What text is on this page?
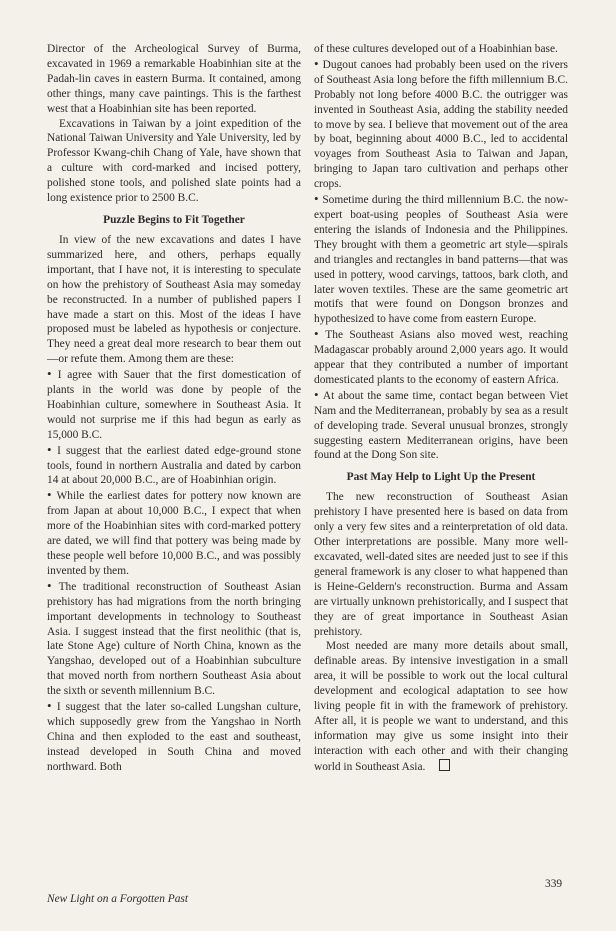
Director of the Archeological Survey of Burma, excavated in 1969 a remarkable Hoabinhian site at the Padah-lin caves in eastern Burma. It contained, among other things, many cave paintings. This is the farthest west that a Hoabinhian site has been reported.

Excavations in Taiwan by a joint expedition of the National Taiwan University and Yale University, led by Professor Kwang-chih Chang of Yale, have shown that a culture with cord-marked and incised pottery, polished stone tools, and polished slate points had a long existence prior to 2500 B.C.

Puzzle Begins to Fit Together

In view of the new excavations and dates I have summarized here, and others, perhaps equally important, that I have not, it is interesting to speculate on how the prehistory of Southeast Asia may someday be reconstructed. In a number of published papers I have made a start on this. Most of the ideas I have proposed must be labeled as hypothesis or conjecture. They need a great deal more research to bear them out—or refute them. Among them are these:

• I agree with Sauer that the first domestication of plants in the world was done by people of the Hoabinhian culture, somewhere in Southeast Asia. It would not surprise me if this had begun as early as 15,000 B.C.

• I suggest that the earliest dated edge-ground stone tools, found in northern Australia and dated by carbon 14 at about 20,000 B.C., are of Hoabinhian origin.

• While the earliest dates for pottery now known are from Japan at about 10,000 B.C., I expect that when more of the Hoabinhian sites with cord-marked pottery are dated, we will find that pottery was being made by these people well before 10,000 B.C., and was possibly invented by them.

• The traditional reconstruction of Southeast Asian prehistory has had migrations from the north bringing important developments in technology to Southeast Asia. I suggest instead that the first neolithic (that is, late Stone Age) culture of North China, known as the Yangshao, developed out of a Hoabinhian subculture that moved north from northern Southeast Asia about the sixth or seventh millennium B.C.

• I suggest that the later so-called Lungshan culture, which supposedly grew from the Yangshao in North China and then exploded to the east and southeast, instead developed in South China and moved northward. Both

of these cultures developed out of a Hoabinhian base.

• Dugout canoes had probably been used on the rivers of Southeast Asia long before the fifth millennium B.C. Probably not long before 4000 B.C. the outrigger was invented in Southeast Asia, adding the stability needed to move by sea. I believe that movement out of the area by boat, beginning about 4000 B.C., led to accidental voyages from Southeast Asia to Taiwan and Japan, bringing to Japan taro cultivation and perhaps other crops.

• Sometime during the third millennium B.C. the now-expert boat-using peoples of Southeast Asia were entering the islands of Indonesia and the Philippines. They brought with them a geometric art style—spirals and triangles and rectangles in band patterns—that was used in pottery, wood carvings, tattoos, bark cloth, and later woven textiles. These are the same geometric art motifs that were found on Dongson bronzes and hypothesized to have come from eastern Europe.

• The Southeast Asians also moved west, reaching Madagascar probably around 2,000 years ago. It would appear that they contributed a number of important domesticated plants to the economy of eastern Africa.

• At about the same time, contact began between Viet Nam and the Mediterranean, probably by sea as a result of developing trade. Several unusual bronzes, strongly suggesting eastern Mediterranean origins, have been found at the Dong Son site.

Past May Help to Light Up the Present

The new reconstruction of Southeast Asian prehistory I have presented here is based on data from only a very few sites and a reinterpretation of old data. Other interpretations are possible. Many more well-excavated, well-dated sites are needed just to see if this general framework is any closer to what happened than is Heine-Geldern's reconstruction. Burma and Assam are virtually unknown prehistorically, and I suspect that they are of great importance in Southeast Asian prehistory.

Most needed are many more details about small, definable areas. By intensive investigation in a small area, it will be possible to work out the local cultural development and ecological adaptation to see how living people fit in with the framework of prehistory. After all, it is people we want to understand, and this information may give us some insight into their interaction with each other and with their changing world in Southeast Asia.

339
New Light on a Forgotten Past
